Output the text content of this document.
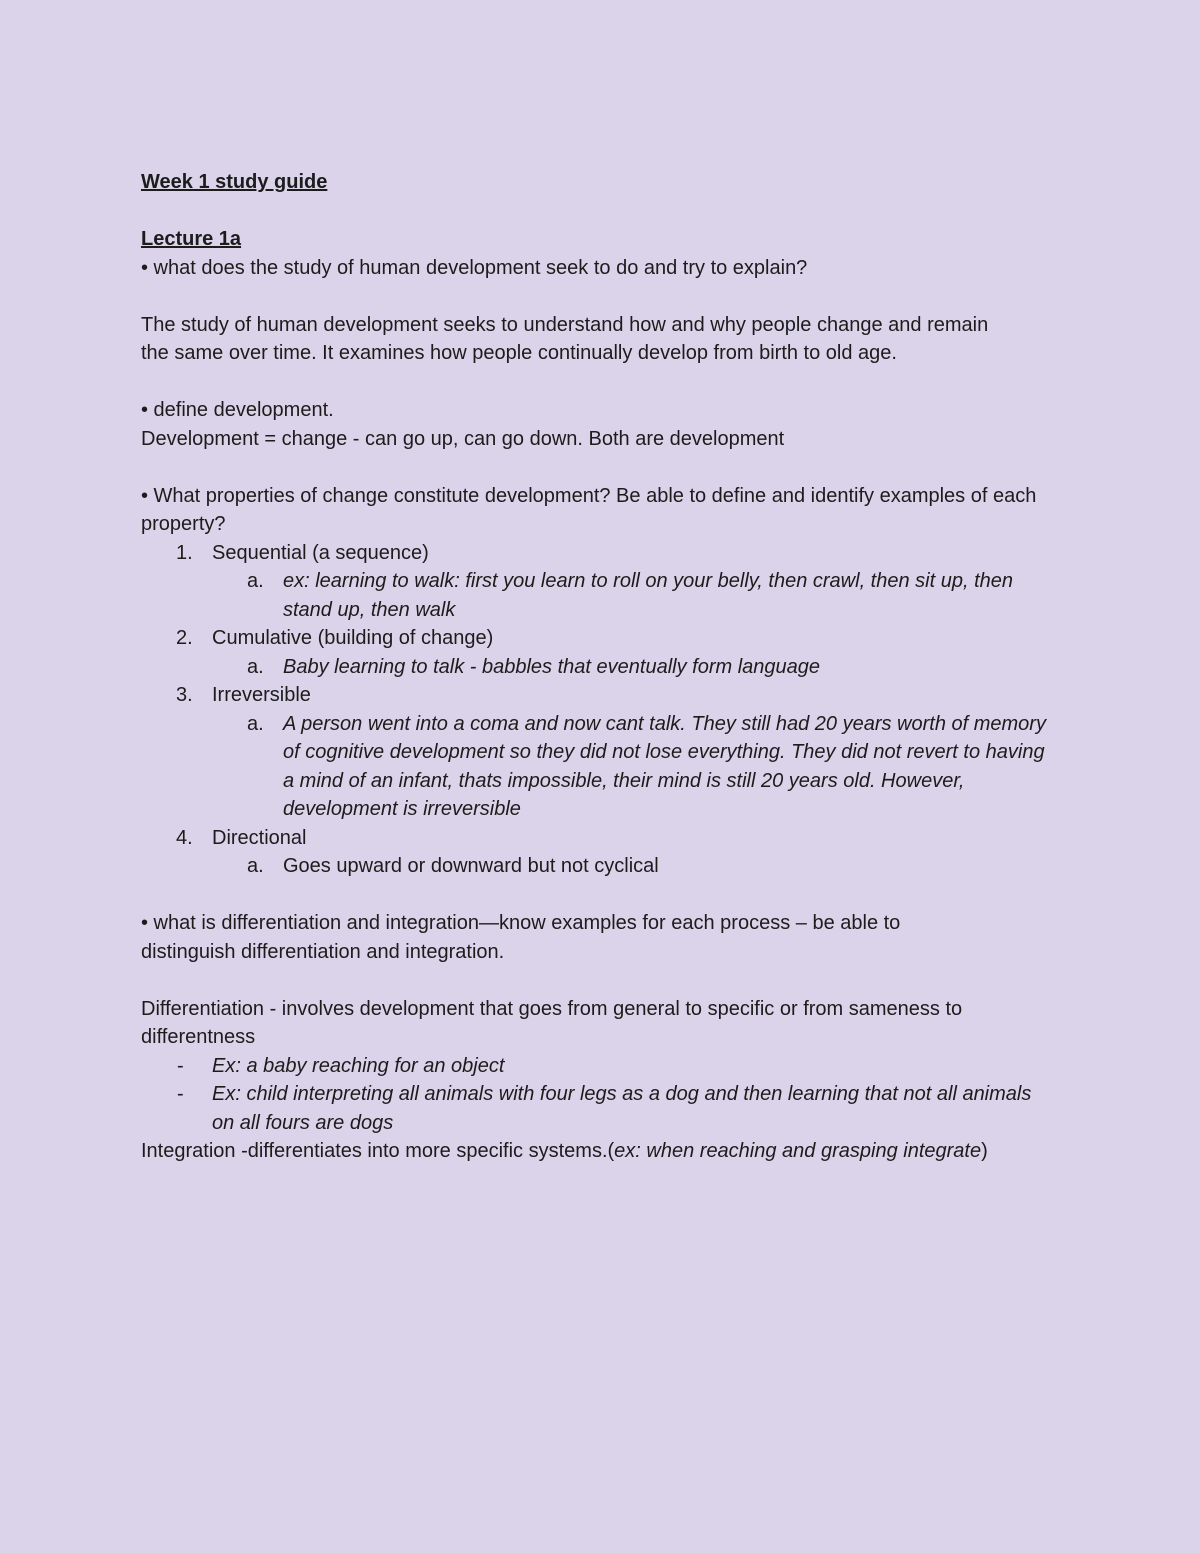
Week 1 study guide
Lecture 1a
• what does the study of human development seek to do and try to explain?
The study of human development seeks to understand how and why people change and remain
the same over time. It examines how people continually develop from birth to old age.
• define development.
Development = change - can go up, can go down. Both are development
• What properties of change constitute development? Be able to define and identify examples of each property?
1. Sequential (a sequence)
a. ex: learning to walk: first you learn to roll on your belly, then crawl, then sit up, then stand up, then walk
2. Cumulative (building of change)
a. Baby learning to talk - babbles that eventually form language
3. Irreversible
a. A person went into a coma and now cant talk. They still had 20 years worth of memory of cognitive development so they did not lose everything. They did not revert to having a mind of an infant, thats impossible, their mind is still 20 years old. However, development is irreversible
4. Directional
a. Goes upward or downward but not cyclical
• what is differentiation and integration—know examples for each process – be able to distinguish differentiation and integration.
Differentiation - involves development that goes from general to specific or from sameness to differentness
- Ex: a baby reaching for an object
- Ex: child interpreting all animals with four legs as a dog and then learning that not all animals on all fours are dogs
Integration -differentiates into more specific systems.(ex: when reaching and grasping integrate)
